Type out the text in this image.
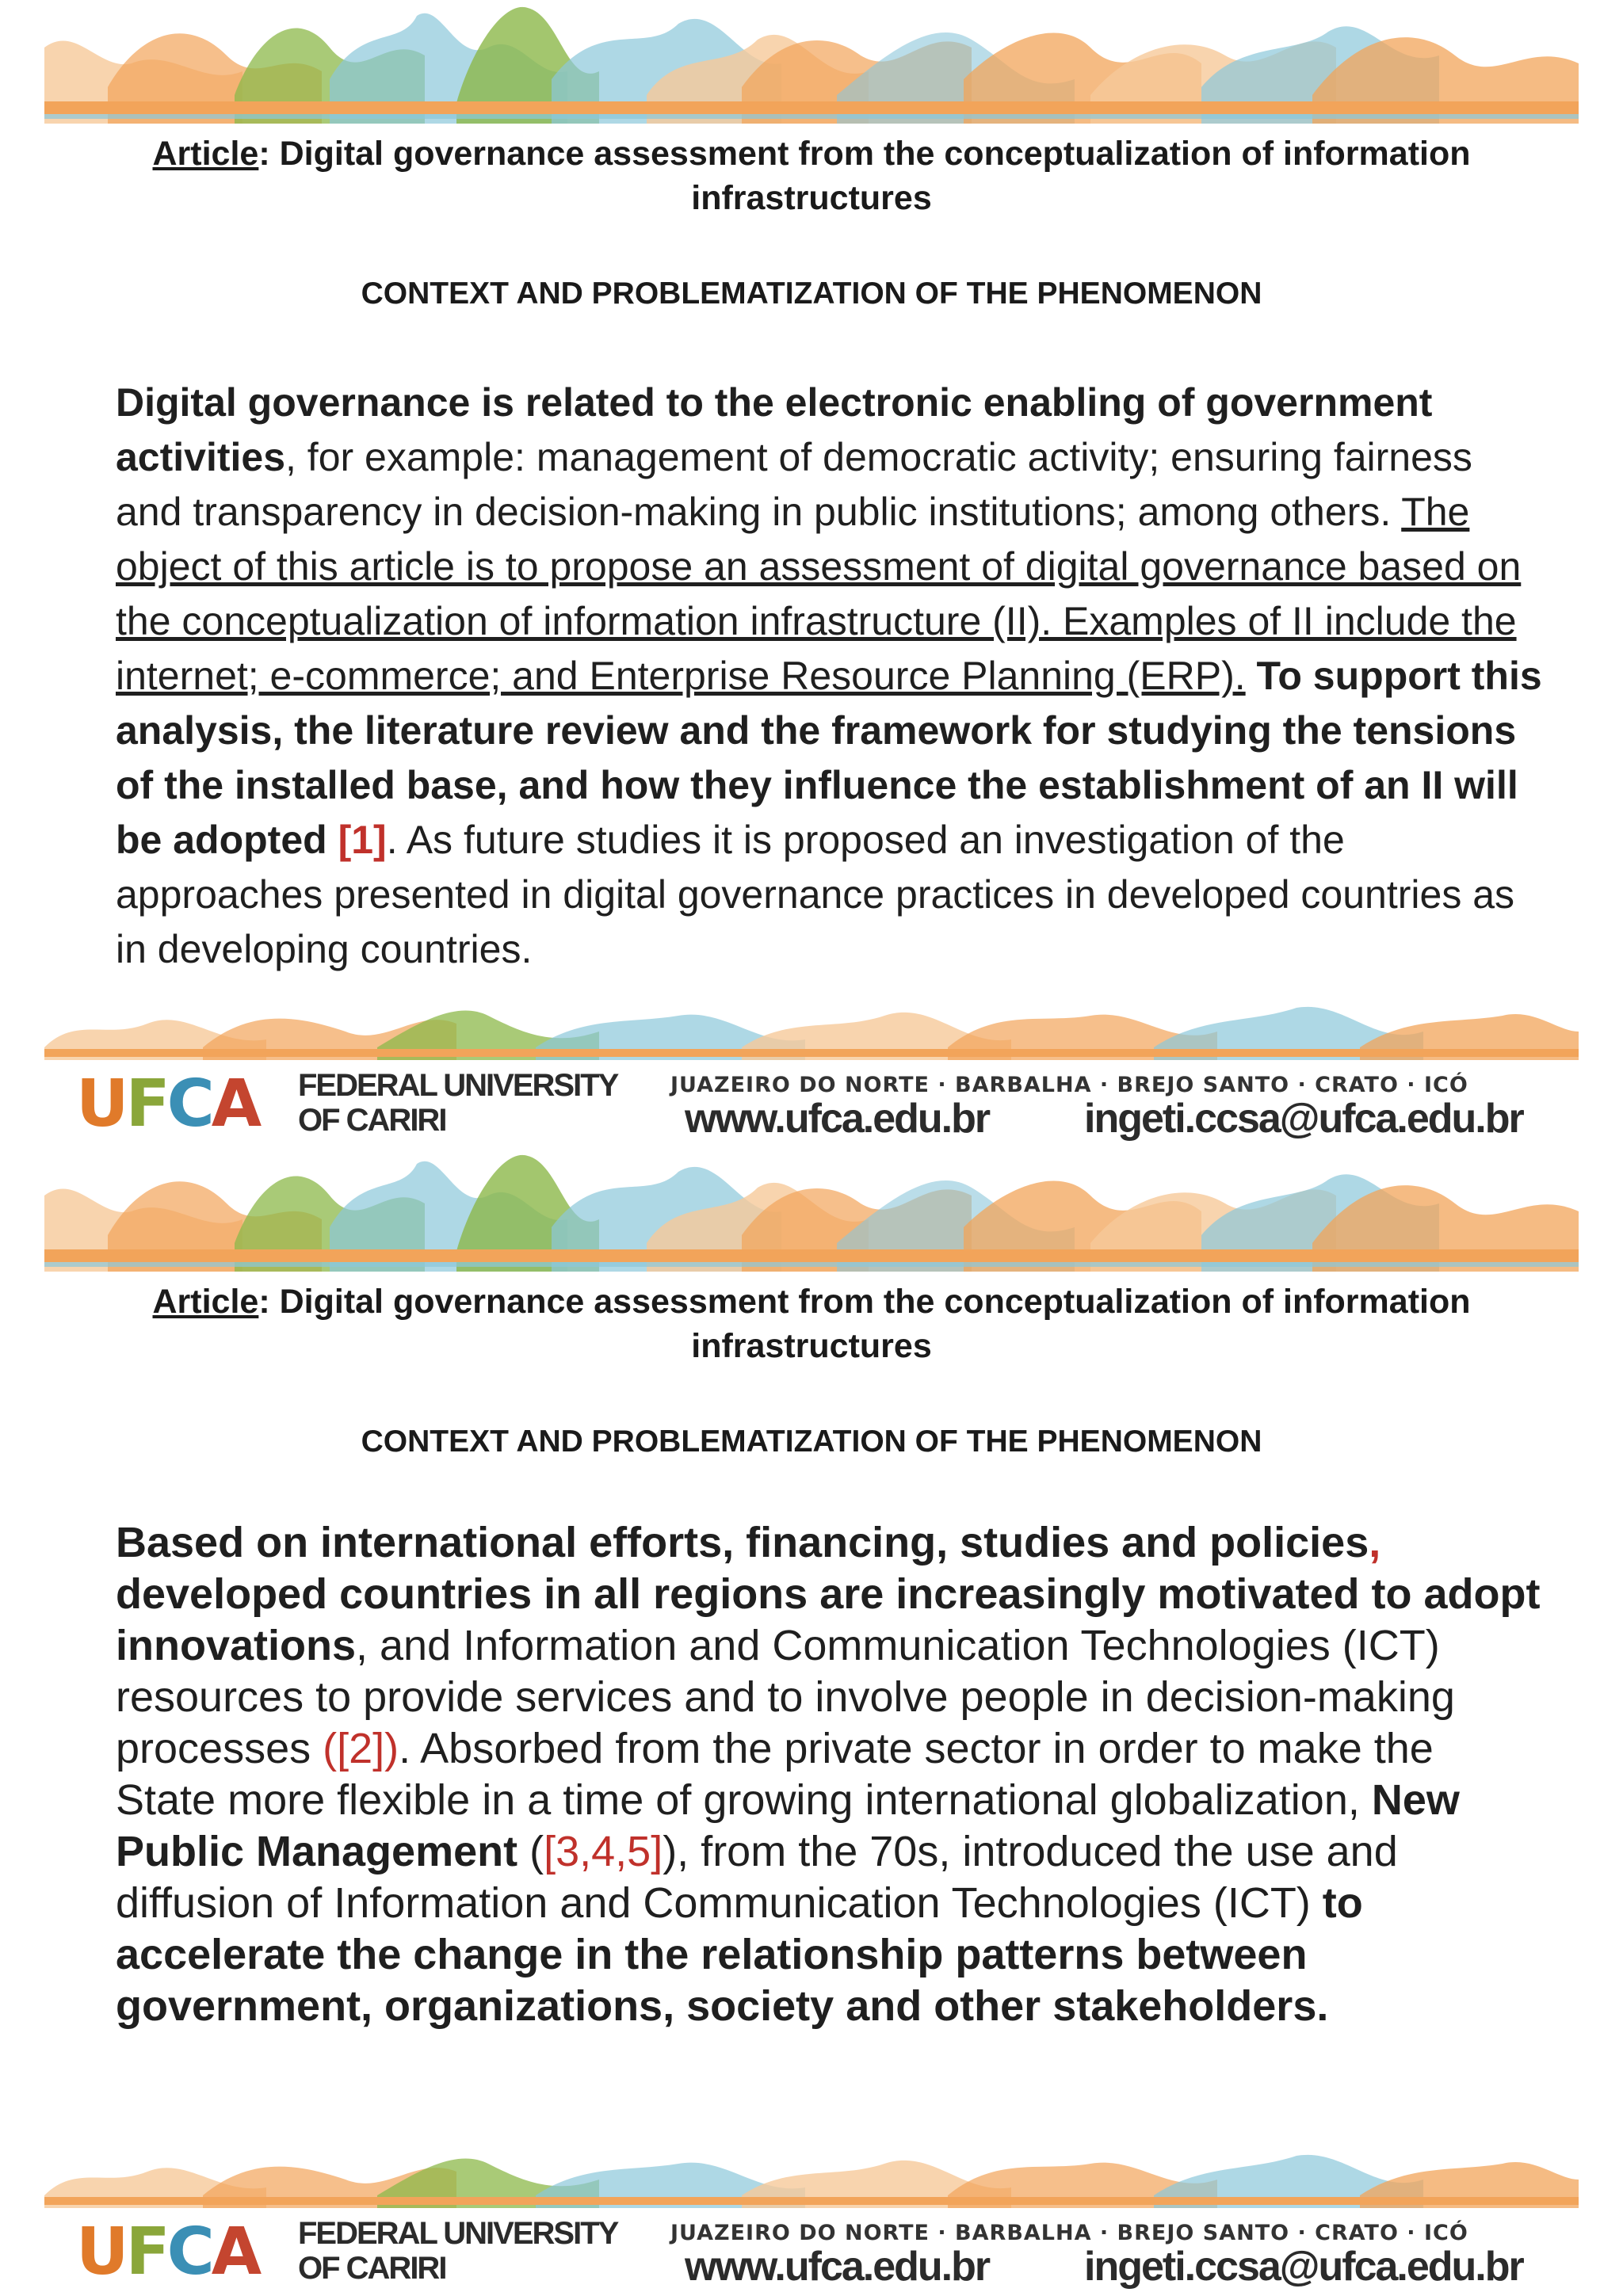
Article: Digital governance assessment from the conceptualization of information infrastructures
CONTEXT AND PROBLEMATIZATION OF THE PHENOMENON
Digital governance is related to the electronic enabling of government activities, for example: management of democratic activity; ensuring fairness and transparency in decision-making in public institutions; among others. The object of this article is to propose an assessment of digital governance based on the conceptualization of information infrastructure (II). Examples of II include the internet; e-commerce; and Enterprise Resource Planning (ERP). To support this analysis, the literature review and the framework for studying the tensions of the installed base, and how they influence the establishment of an II will be adopted [1]. As future studies it is proposed an investigation of the approaches presented in digital governance practices in developed countries as in developing countries.
UFCA FEDERAL UNIVERSITY
OF CARIRI
JUAZEIRO DO NORTE · BARBALHA · BREJO SANTO · CRATO · ICÓ
www.ufca.edu.br ingeti.ccsa@ufca.edu.br
Article: Digital governance assessment from the conceptualization of information infrastructures
CONTEXT AND PROBLEMATIZATION OF THE PHENOMENON
Based on international efforts, financing, studies and policies, developed countries in all regions are increasingly motivated to adopt innovations, and Information and Communication Technologies (ICT) resources to provide services and to involve people in decision-making processes ([2]). Absorbed from the private sector in order to make the State more flexible in a time of growing international globalization, New Public Management ([3,4,5]), from the 70s, introduced the use and diffusion of Information and Communication Technologies (ICT) to accelerate the change in the relationship patterns between government, organizations, society and other stakeholders.
UFCA FEDERAL UNIVERSITY
OF CARIRI
JUAZEIRO DO NORTE · BARBALHA · BREJO SANTO · CRATO · ICÓ
www.ufca.edu.br ingeti.ccsa@ufca.edu.br
